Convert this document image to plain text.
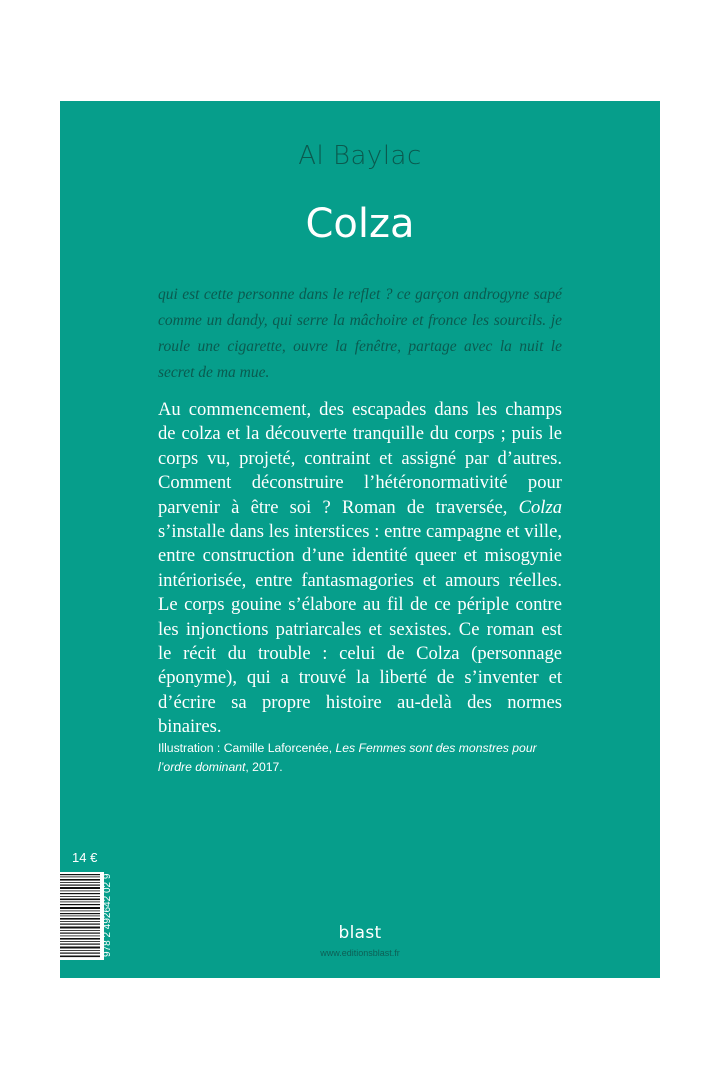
Al Baylac
Colza
qui est cette personne dans le reflet ? ce garçon androgyne sapé comme un dandy, qui serre la mâchoire et fronce les sourcils. je roule une cigarette, ouvre la fenêtre, partage avec la nuit le secret de ma mue.
Au commencement, des escapades dans les champs de colza et la découverte tranquille du corps ; puis le corps vu, projeté, contraint et assigné par d’autres. Comment déconstruire l’hétéronormativité pour parvenir à être soi ? Roman de traversée, Colza s’installe dans les interstices : entre campagne et ville, entre construction d’une identité queer et misogynie intériorisée, entre fantasmagories et amours réelles. Le corps gouine s’élabore au fil de ce périple contre les injonctions patriarcales et sexistes. Ce roman est le récit du trouble : celui de Colza (personnage éponyme), qui a trouvé la liberté de s’inventer et d’écrire sa propre histoire au-delà des normes binaires.
Illustration : Camille Laforcenée, Les Femmes sont des monstres pour l’ordre dominant, 2017.
14 €
978 2 492642 02 9	blast
www.editionsblast.fr
